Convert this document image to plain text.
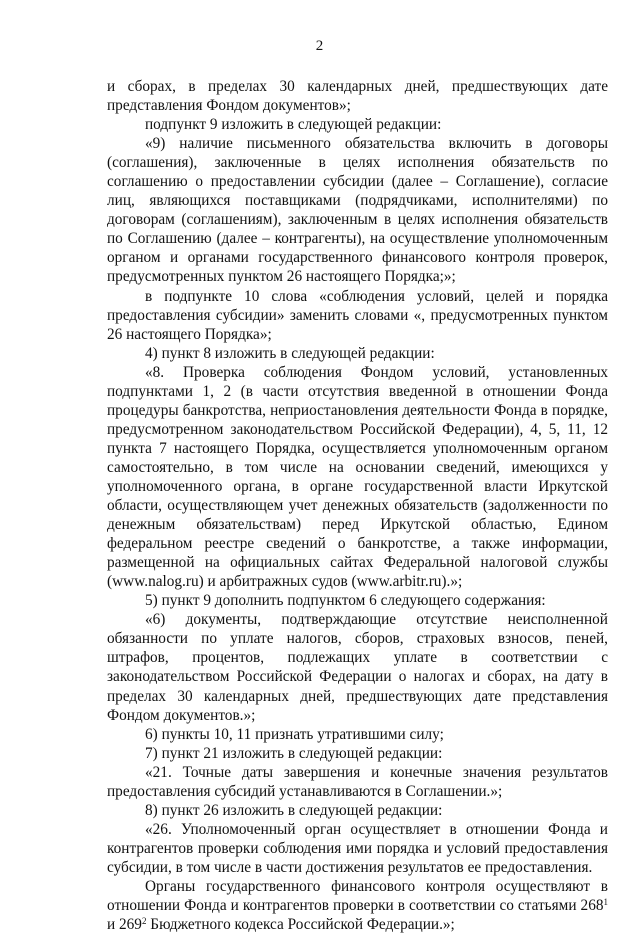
2

и сборах, в пределах 30 календарных дней, предшествующих дате представления Фондом документов»;

подпункт 9 изложить в следующей редакции:

«9) наличие письменного обязательства включить в договоры (соглашения), заключенные в целях исполнения обязательств по соглашению о предоставлении субсидии (далее – Соглашение), согласие лиц, являющихся поставщиками (подрядчиками, исполнителями) по договорам (соглашениям), заключенным в целях исполнения обязательств по Соглашению (далее – контрагенты), на осуществление уполномоченным органом и органами государственного финансового контроля проверок, предусмотренных пунктом 26 настоящего Порядка;»;

в подпункте 10 слова «соблюдения условий, целей и порядка предоставления субсидии» заменить словами «, предусмотренных пунктом 26 настоящего Порядка»;

4) пункт 8 изложить в следующей редакции:

«8. Проверка соблюдения Фондом условий, установленных подпунктами 1, 2 (в части отсутствия введенной в отношении Фонда процедуры банкротства, неприостановления деятельности Фонда в порядке, предусмотренном законодательством Российской Федерации), 4, 5, 11, 12 пункта 7 настоящего Порядка, осуществляется уполномоченным органом самостоятельно, в том числе на основании сведений, имеющихся у уполномоченного органа, в органе государственной власти Иркутской области, осуществляющем учет денежных обязательств (задолженности по денежным обязательствам) перед Иркутской областью, Едином федеральном реестре сведений о банкротстве, а также информации, размещенной на официальных сайтах Федеральной налоговой службы (www.nalog.ru) и арбитражных судов (www.arbitr.ru).»;

5) пункт 9 дополнить подпунктом 6 следующего содержания:

«6) документы, подтверждающие отсутствие неисполненной обязанности по уплате налогов, сборов, страховых взносов, пеней, штрафов, процентов, подлежащих уплате в соответствии с законодательством Российской Федерации о налогах и сборах, на дату в пределах 30 календарных дней, предшествующих дате представления Фондом документов.»;

6) пункты 10, 11 признать утратившими силу;

7) пункт 21 изложить в следующей редакции:

«21. Точные даты завершения и конечные значения результатов предоставления субсидий устанавливаются в Соглашении.»;

8) пункт 26 изложить в следующей редакции:

«26. Уполномоченный орган осуществляет в отношении Фонда и контрагентов проверки соблюдения ими порядка и условий предоставления субсидии, в том числе в части достижения результатов ее предоставления.

Органы государственного финансового контроля осуществляют в отношении Фонда и контрагентов проверки в соответствии со статьями $268^1$ и $269^2$ Бюджетного кодекса Российской Федерации.»;
